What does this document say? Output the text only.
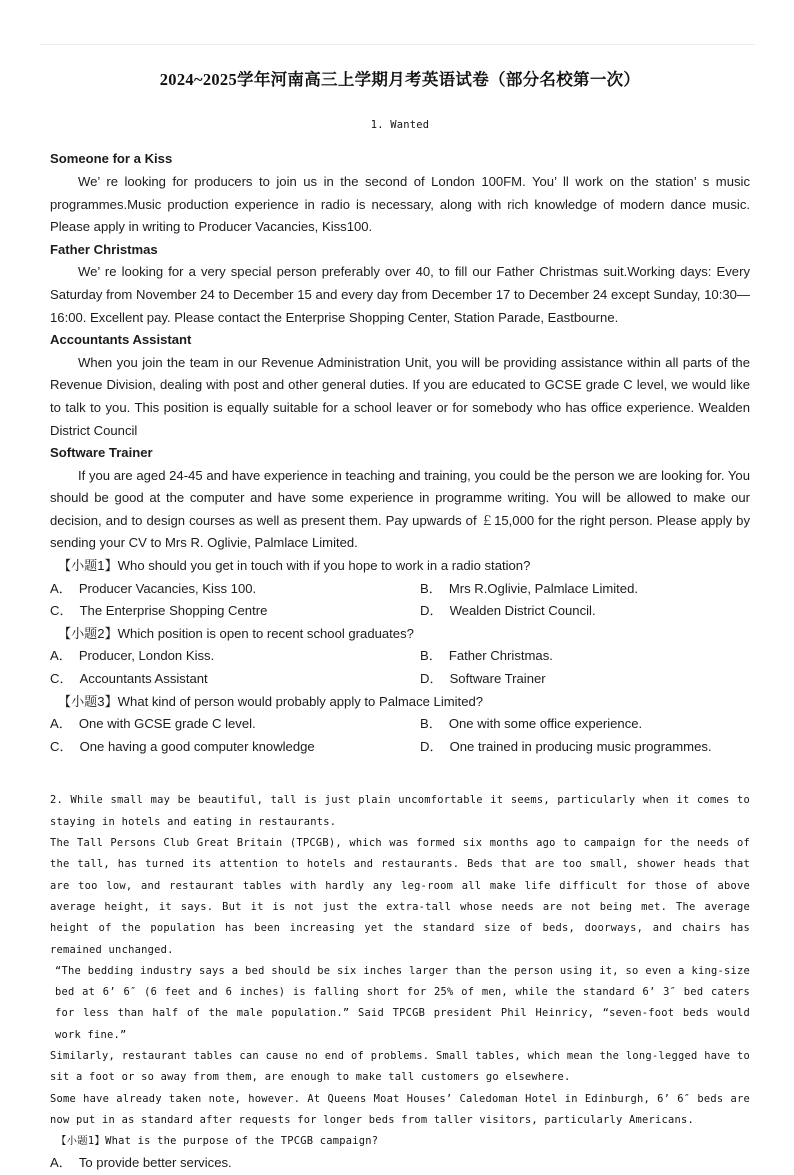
2024~2025学年河南高三上学期月考英语试卷（部分名校第一次）
1. Wanted
Someone for a Kiss

We’ re looking for producers to join us in the second of London 100FM. You’ ll work on the station’ s music programmes.Music production experience in radio is necessary, along with rich knowledge of modern dance music. Please apply in writing to Producer Vacancies, Kiss100.

Father Christmas

We’ re looking for a very special person preferably over 40, to fill our Father Christmas suit.Working days: Every Saturday from November 24 to December 15 and every day from December 17 to December 24 except Sunday, 10:30—16:00. Excellent pay. Please contact the Enterprise Shopping Center, Station Parade, Eastbourne.

Accountants Assistant

When you join the team in our Revenue Administration Unit, you will be providing assistance within all parts of the Revenue Division, dealing with post and other general duties. If you are educated to GCSE grade C level, we would like to talk to you. This position is equally suitable for a school leaver or for somebody who has office experience. Wealden District Council

Software Trainer

If you are aged 24-45 and have experience in teaching and training, you could be the person we are looking for. You should be good at the computer and have some experience in programme writing. You will be allowed to make our decision, and to design courses as well as present them. Pay upwards of ￡15,000 for the right person. Please apply by sending your CV to Mrs R. Oglivie, Palmlace Limited.

【小题1】Who should you get in touch with if you hope to work in a radio station?

A． Producer Vacancies, Kiss 100.	B． Mrs R.Oglivie, Palmlace Limited.
C． The Enterprise Shopping Centre	D． Wealden District Council.

【小题2】Which position is open to recent school graduates?

A． Producer, London Kiss.	B． Father Christmas.
C． Accountants Assistant	D． Software Trainer

【小题3】What kind of person would probably apply to Palmace Limited?

A． One with GCSE grade C level.	B． One with some office experience.
C． One having a good computer knowledge	D． One trained in producing music programmes.

2. While small may be beautiful, tall is just plain uncomfortable it seems, particularly when it comes to staying in hotels and eating in restaurants.

The Tall Persons Club Great Britain (TPCGB), which was formed six months ago to campaign for the needs of the tall, has turned its attention to hotels and restaurants. Beds that are too small, shower heads that are too low, and restaurant tables with hardly any leg-room all make life difficult for those of above average height, it says. But it is not just the extra-tall whose needs are not being met. The average height of the population has been increasing yet the standard size of beds, doorways, and chairs has remained unchanged.

“The bedding industry says a bed should be six inches larger than the person using it, so even a king-size bed at 6’ 6″ (6 feet and 6 inches) is falling short for 25% of men, while the standard 6’ 3″ bed caters for less than half of the male population.” Said TPCGB president Phil Heinricy, “seven-foot beds would work fine.”

Similarly, restaurant tables can cause no end of problems. Small tables, which mean the long-legged have to sit a foot or so away from them, are enough to make tall customers go elsewhere.

Some have already taken note, however. At Queens Moat Houses’ Caledoman Hotel in Edinburgh, 6’ 6″ beds are now put in as standard after requests for longer beds from taller visitors, particularly Americans.

【小题1】What is the purpose of the TPCGB campaign?

A． To provide better services.
